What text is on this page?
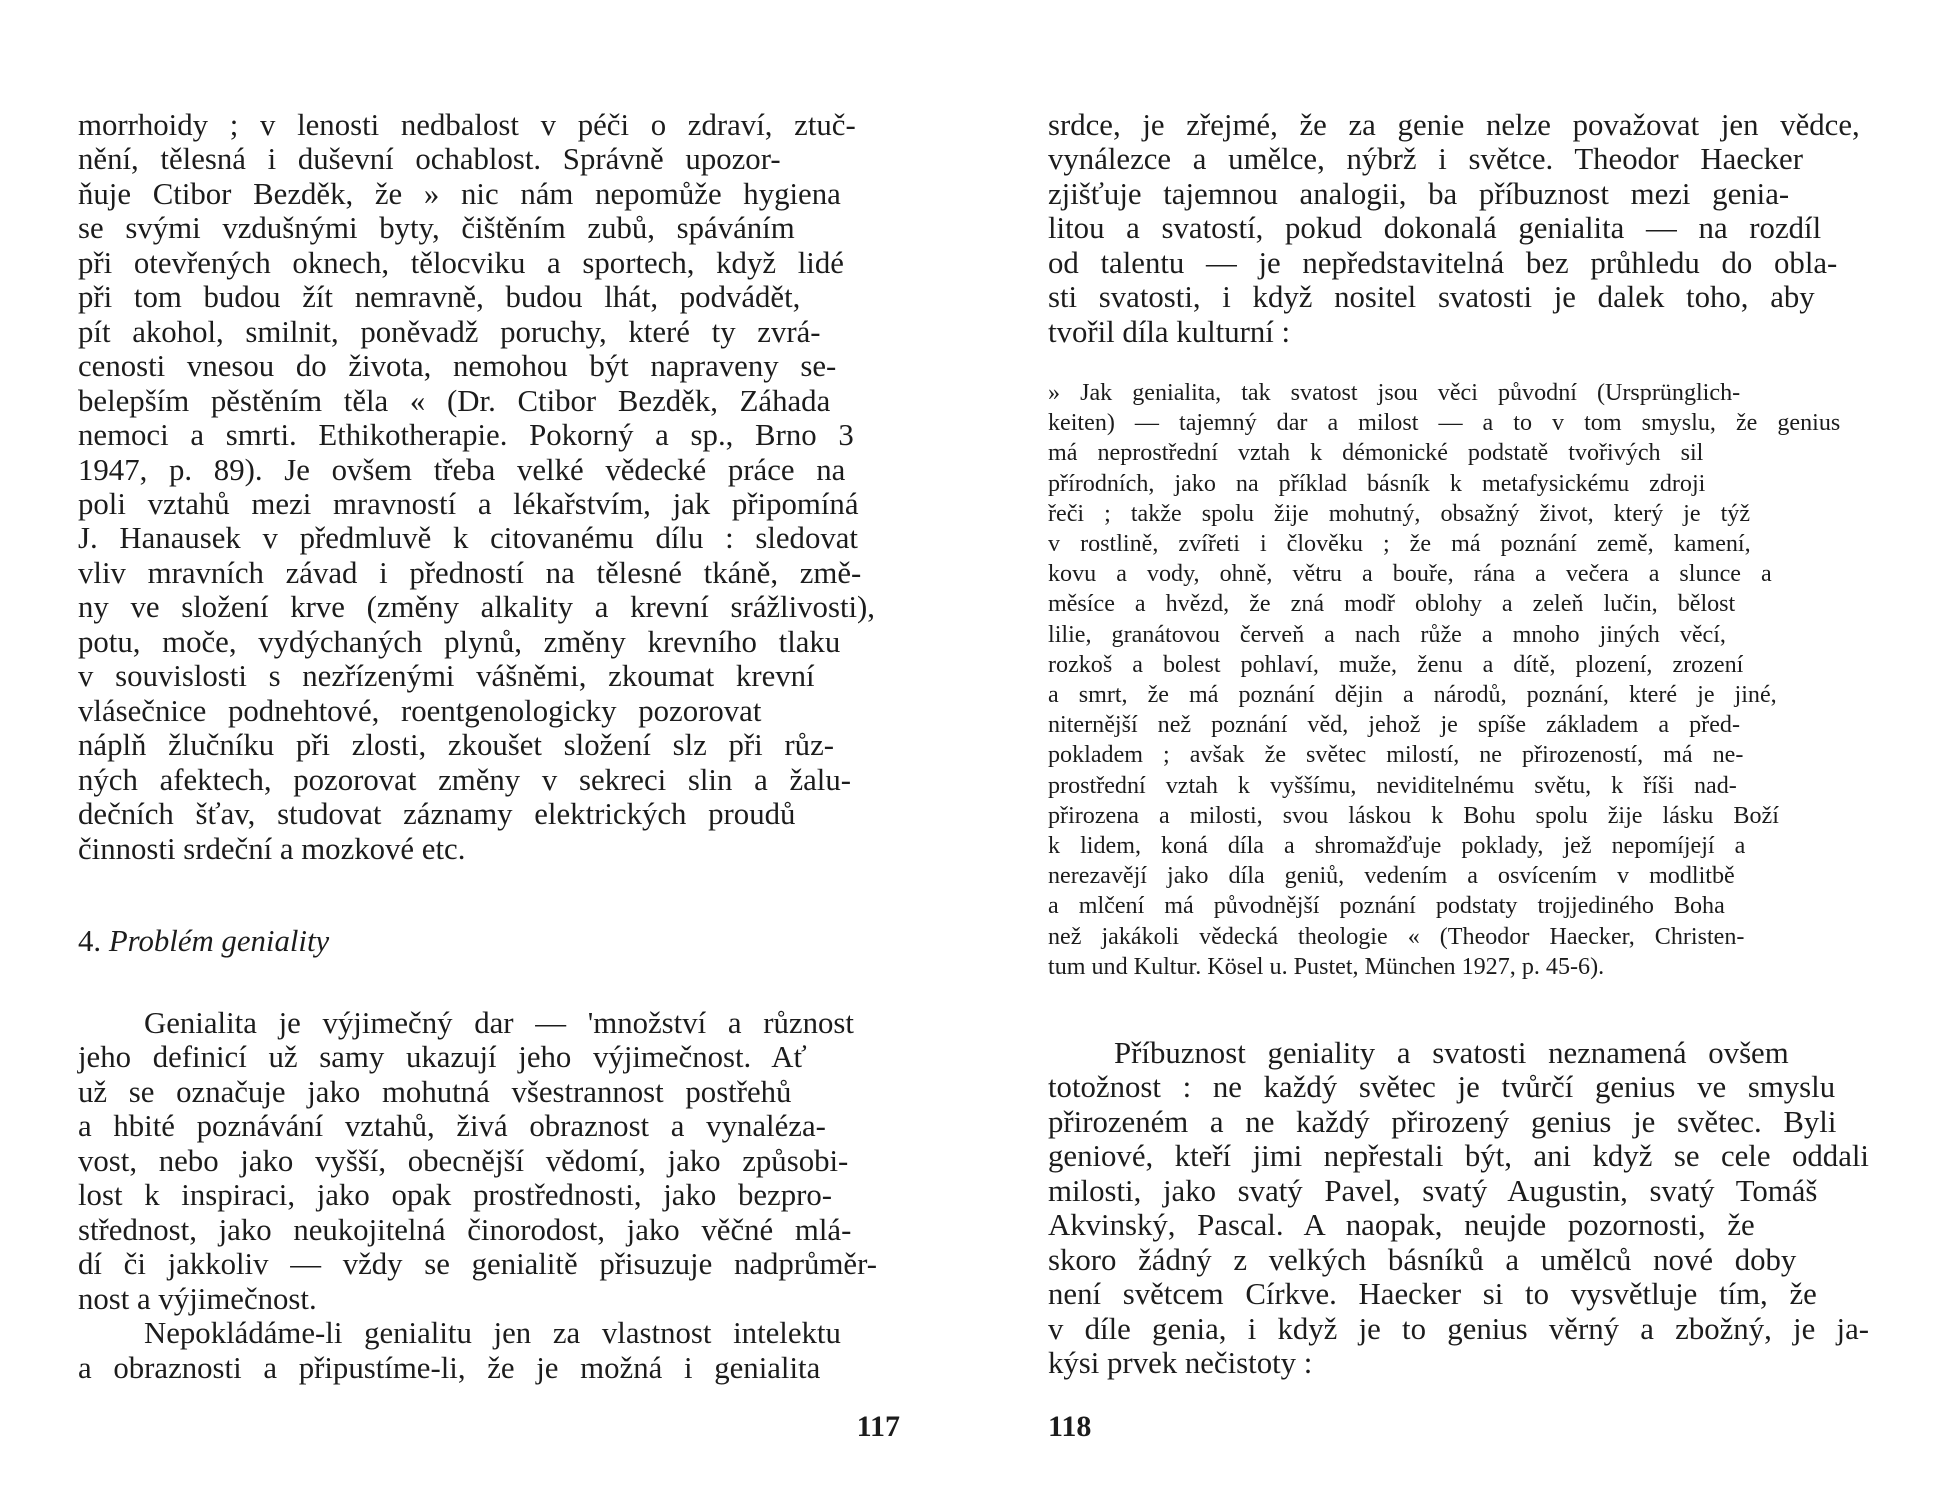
morrhoidy ; v lenosti nedbalost v péči o zdraví, ztuč-
nění, tělesná i duševní ochablost. Správně upozor-
ňuje Ctibor Bezděk, že » nic nám nepomůže hygiena
se svými vzdušnými byty, čištěním zubů, spáváním
při otevřených oknech, tělocviku a sportech, když lidé
při tom budou žít nemravně, budou lhát, podvádět,
pít akohol, smilnit, poněvadž poruchy, které ty zvrá-
cenosti vnesou do života, nemohou být napraveny se-
belepším pěstěním těla « (Dr. Ctibor Bezděk, Záhada
nemoci a smrti. Ethikotherapie. Pokorný a sp., Brno 3
1947, p. 89). Je ovšem třeba velké vědecké práce na
poli vztahů mezi mravností a lékařstvím, jak připomíná
J. Hanausek v předmluvě k citovanému dílu : sledovat
vliv mravních závad i předností na tělesné tkáně, změ-
ny ve složení krve (změny alkality a krevní srážlivosti),
potu, moče, vydýchaných plynů, změny krevního tlaku
v souvislosti s nezřízenými vášněmi, zkoumat krevní
vlásečnice podnehtové, roentgenologicky pozorovat
náplň žlučníku při zlosti, zkoušet složení slz při růz-
ných afektech, pozorovat změny v sekreci slin a žalu-
dečních šťav, studovat záznamy elektrických proudů
činnosti srdeční a mozkové etc.
4. Problém geniality
Genialita je výjimečný dar — 'množství a různost
jeho definicí už samy ukazují jeho výjimečnost. Ať
už se označuje jako mohutná všestrannost postřehů
a hbité poznávání vztahů, živá obraznost a vynaléza-
vost, nebo jako vyšší, obecnější vědomí, jako způsobi-
lost k inspiraci, jako opak prostřednosti, jako bezpro-
střednost, jako neukojitelná činorodost, jako věčné mlá-
dí či jakkoliv — vždy se genialitě přisuzuje nadprůměr-
nost a výjimečnost.
Nepokládáme-li genialitu jen za vlastnost intelektu
a obraznosti a připustíme-li, že je možná i genialita
117
srdce, je zřejmé, že za genie nelze považovat jen vědce,
vynálezce a umělce, nýbrž i světce. Theodor Haecker
zjišťuje tajemnou analogii, ba příbuznost mezi genia-
litou a svatostí, pokud dokonalá genialita — na rozdíl
od talentu — je nepředstavitelná bez průhledu do obla-
sti svatosti, i když nositel svatosti je dalek toho, aby
tvořil díla kulturní :
» Jak genialita, tak svatost jsou věci původní (Ursprünglich-
keiten) — tajemný dar a milost — a to v tom smyslu, že genius
má neprostřední vztah k démonické podstatě tvořivých sil
přírodních, jako na příklad básník k metafysickému zdroji
řeči ; takže spolu žije mohutný, obsažný život, který je týž
v rostlině, zvířeti i člověku ; že má poznání země, kamení,
kovu a vody, ohně, větru a bouře, rána a večera a slunce a
měsíce a hvězd, že zná modř oblohy a zeleň lučin, bělost
lilie, granátovou červeň a nach růže a mnoho jiných věcí,
rozkoš a bolest pohlaví, muže, ženu a dítě, plození, zrození
a smrt, že má poznání dějin a národů, poznání, které je jiné,
niternější než poznání věd, jehož je spíše základem a před-
pokladem ; avšak že světec milostí, ne přirozeností, má ne-
prostřední vztah k vyššímu, neviditelnému světu, k říši nad-
přirozena a milosti, svou láskou k Bohu spolu žije lásku Boží
k lidem, koná díla a shromažďuje poklady, jež nepomíjejí a
nerezavějí jako díla geniů, vedením a osvícením v modlitbě
a mlčení má původnější poznání podstaty trojjediného Boha
než jakákoli vědecká theologie « (Theodor Haecker, Christen-
tum und Kultur. Kösel u. Pustet, München 1927, p. 45-6).
Příbuznost geniality a svatosti neznamená ovšem
totožnost : ne každý světec je tvůrčí genius ve smyslu
přirozeném a ne každý přirozený genius je světec. Byli
geniové, kteří jimi nepřestali být, ani když se cele oddali
milosti, jako svatý Pavel, svatý Augustin, svatý Tomáš
Akvinský, Pascal. A naopak, neujde pozornosti, že
skoro žádný z velkých básníků a umělců nové doby
není světcem Církve. Haecker si to vysvětluje tím, že
v díle genia, i když je to genius věrný a zbožný, je ja-
kýsi prvek nečistoty :
118
